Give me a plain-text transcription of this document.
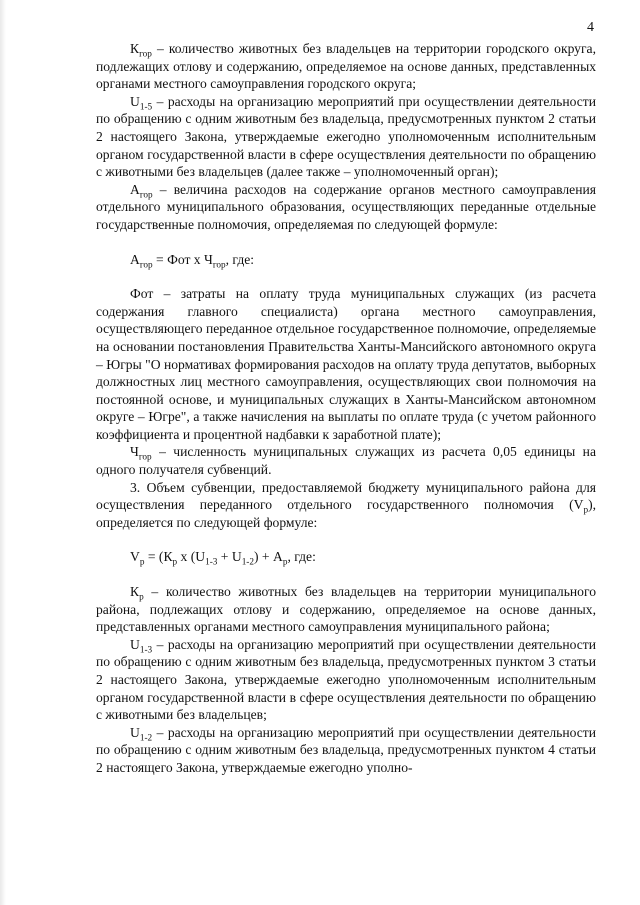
4

$К_{гор}$ – количество животных без владельцев на территории городского округа, подлежащих отлову и содержанию, определяемое на основе данных, представленных органами местного самоуправления городского округа;

$U_{1-5}$ – расходы на организацию мероприятий при осуществлении деятельности по обращению с одним животным без владельца, предусмотренных пунктом 2 статьи 2 настоящего Закона, утверждаемые ежегодно уполномоченным исполнительным органом государственной власти в сфере осуществления деятельности по обращению с животными без владельцев (далее также – уполномоченный орган);

$А_{гор}$ – величина расходов на содержание органов местного самоуправления отдельного муниципального образования, осуществляющих переданные отдельные государственные полномочия, определяемая по следующей формуле:

$А_{гор}$ = Фот х $Ч_{гор}$, где:

Фот – затраты на оплату труда муниципальных служащих (из расчета содержания главного специалиста) органа местного самоуправления, осуществляющего переданное отдельное государственное полномочие, определяемые на основании постановления Правительства Ханты-Мансийского автономного округа – Югры "О нормативах формирования расходов на оплату труда депутатов, выборных должностных лиц местного самоуправления, осуществляющих свои полномочия на постоянной основе, и муниципальных служащих в Ханты-Мансийском автономном округе – Югре", а также начисления на выплаты по оплате труда (с учетом районного коэффициента и процентной надбавки к заработной плате);

$Ч_{гор}$ – численность муниципальных служащих из расчета 0,05 единицы на одного получателя субвенций.

3. Объем субвенции, предоставляемой бюджету муниципального района для осуществления переданного отдельного государственного полномочия $(V_р)$, определяется по следующей формуле:

$V_р = (К_р$ х $(U_{1-3} + U_{1-2}) + А_р$, где:

$К_р$ – количество животных без владельцев на территории муниципального района, подлежащих отлову и содержанию, определяемое на основе данных, представленных органами местного самоуправления муниципального района;

$U_{1-3}$ – расходы на организацию мероприятий при осуществлении деятельности по обращению с одним животным без владельца, предусмотренных пунктом 3 статьи 2 настоящего Закона, утверждаемые ежегодно уполномоченным исполнительным органом государственной власти в сфере осуществления деятельности по обращению с животными без владельцев;

$U_{1-2}$ – расходы на организацию мероприятий при осуществлении деятельности по обращению с одним животным без владельца, предусмотренных пунктом 4 статьи 2 настоящего Закона, утверждаемые ежегодно уполно-
